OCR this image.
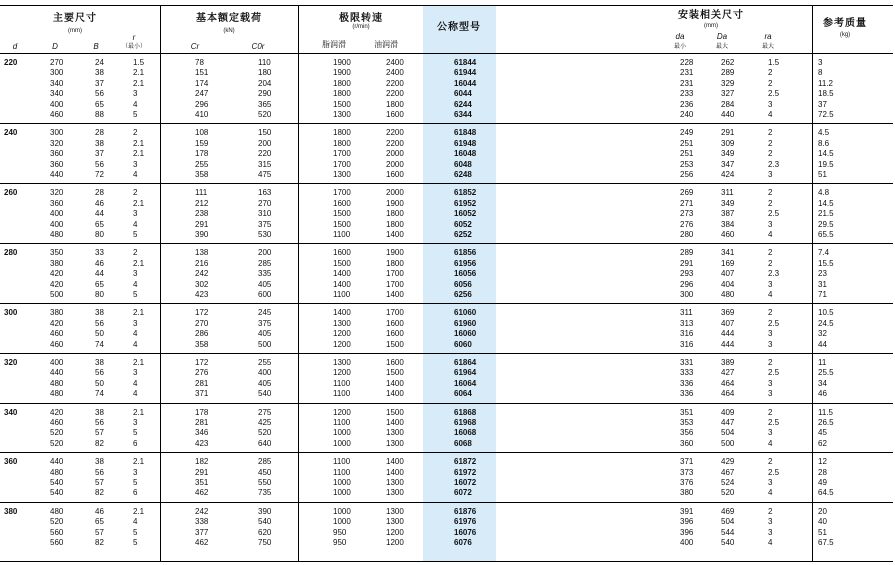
主要尺寸
(mm)
基本额定载荷
(kN)
极限转速
(r/min)
脂润滑	油润滑
公称型号
安装相关尺寸
(mm)	参考质量
(kg)
d	D	B
r
（最小）	Cr	C0r
da
最小
Da
最大
ra
最大
220	270	24	1.5	78	110	1900	2400	61844	228	262	1.5	3
300	38	2.1	151	180	1900	2400	61944	231	289	2	8
340	37	2.1	174	204	1800	2200	16044	231	329	2	11.2
340	56	3	247	290	1800	2200	6044	233	327	2.5	18.5
400	65	4	296	365	1500	1800	6244	236	284	3	37
460	88	5	410	520	1300	1600	6344	240	440	4	72.5
240	300	28	2	108	150	1800	2200	61848	249	291	2	4.5
320	38	2.1	159	200	1800	2200	61948	251	309	2	8.6
360	37	2.1	178	220	1700	2000	16048	251	349	2	14.5
360	56	3	255	315	1700	2000	6048	253	347	2.3	19.5
440	72	4	358	475	1300	1600	6248	256	424	3	51
260	320	28	2	111	163	1700	2000	61852	269	311	2	4.8
360	46	2.1	212	270	1600	1900	61952	271	349	2	14.5
400	44	3	238	310	1500	1800	16052	273	387	2.5	21.5
400	65	4	291	375	1500	1800	6052	276	384	3	29.5
480	80	5	390	530	1100	1400	6252	280	460	4	65.5
280	350	33	2	138	200	1600	1900	61856	289	341	2	7.4
380	46	2.1	216	285	1500	1800	61956	291	169	2	15.5
420	44	3	242	335	1400	1700	16056	293	407	2.3	23
420	65	4	302	405	1400	1700	6056	296	404	3	31
500	80	5	423	600	1100	1400	6256	300	480	4	71
300	380	38	2.1	172	245	1400	1700	61060	311	369	2	10.5
420	56	3	270	375	1300	1600	61960	313	407	2.5	24.5
460	50	4	286	405	1200	1600	16060	316	444	3	32
460	74	4	358	500	1200	1500	6060	316	444	3	44
320	400	38	2.1	172	255	1300	1600	61864	331	389	2	11
440	56	3	276	400	1200	1500	61964	333	427	2.5	25.5
480	50	4	281	405	1100	1400	16064	336	464	3	34
480	74	4	371	540	1100	1400	6064	336	464	3	46
340	420	38	2.1	178	275	1200	1500	61868	351	409	2	11.5
460	56	3	281	425	1100	1400	61968	353	447	2.5	26.5
520	57	5	346	520	1000	1300	16068	356	504	3	45
520	82	6	423	640	1000	1300	6068	360	500	4	62
360	440	38	2.1	182	285	1100	1400	61872	371	429	2	12
480	56	3	291	450	1100	1400	61972	373	467	2.5	28
540	57	5	351	550	1000	1300	16072	376	524	3	49
540	82	6	462	735	1000	1300	6072	380	520	4	64.5
380	480	46	2.1	242	390	1000	1300	61876	391	469	2	20
520	65	4	338	540	1000	1300	61976	396	504	3	40
560	57	5	377	620	950	1200	16076	396	544	3	51
560	82	5	462	750	950	1200	6076	400	540	4	67.5
